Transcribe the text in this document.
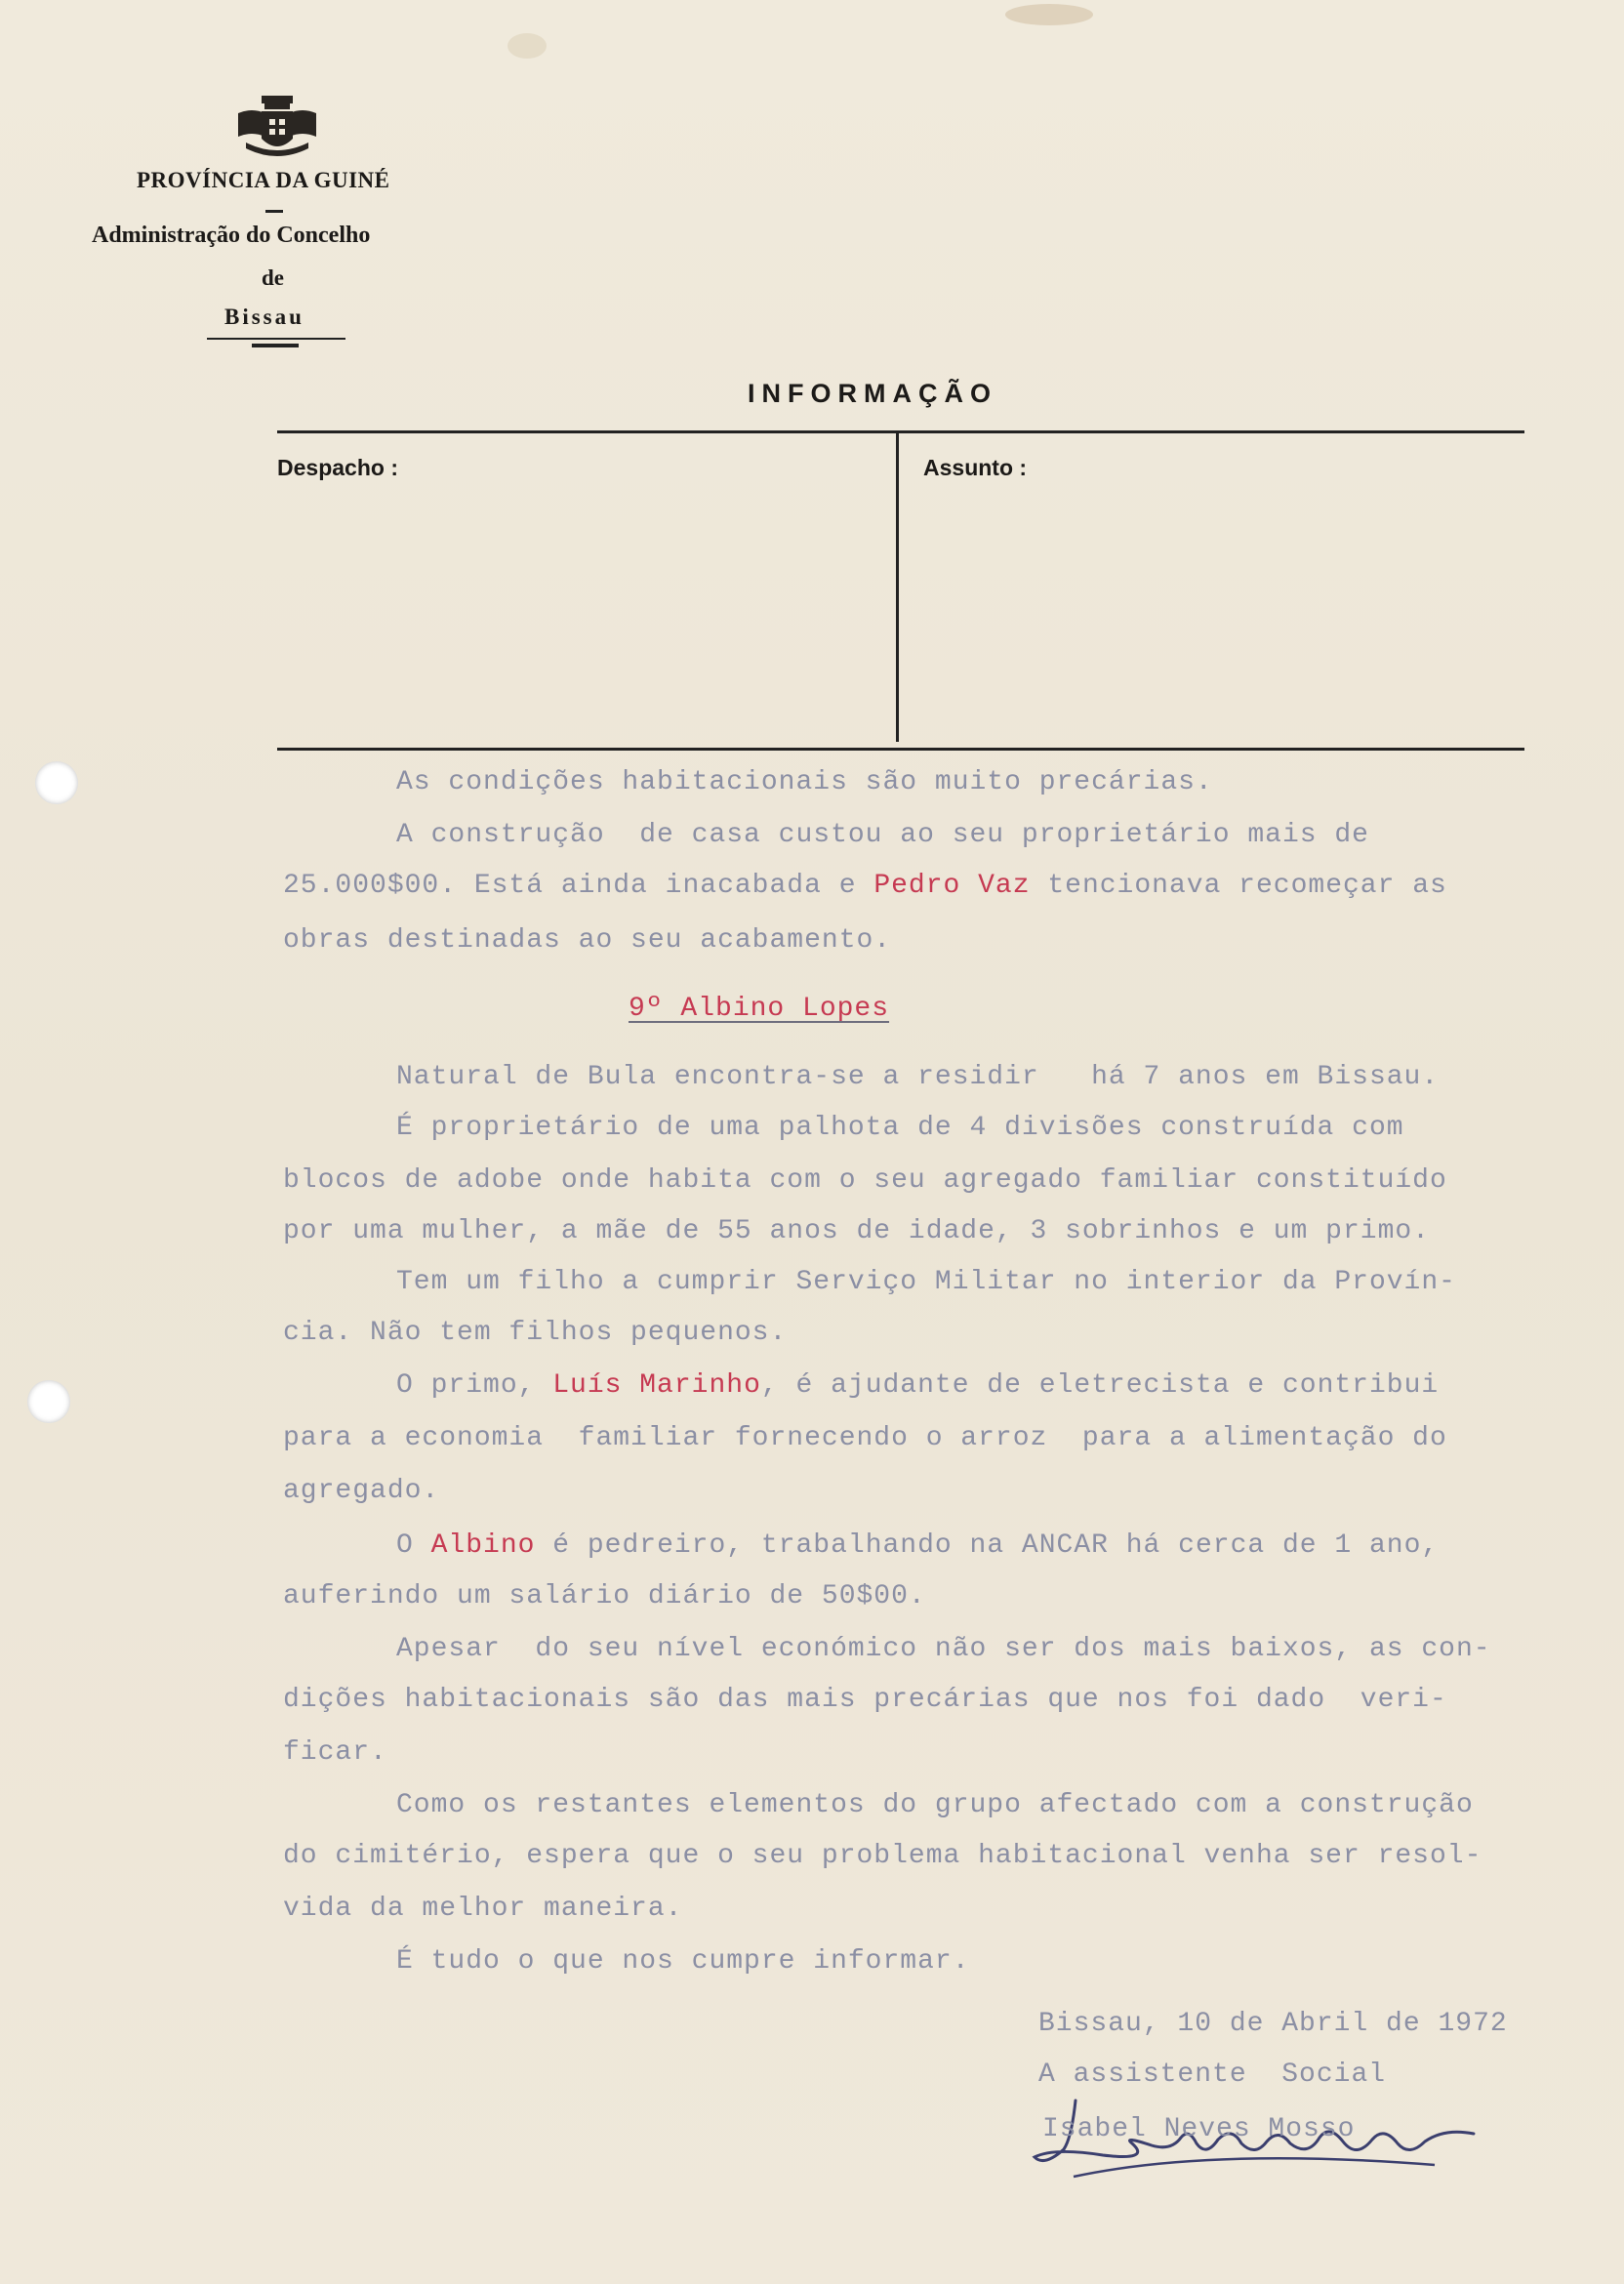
PROVÍNCIA DA GUINÉ
Administração do Concelho
de
Bissau
INFORMAÇÃO
Despacho :	Assunto :
As condições habitacionais são muito precárias.
A construção  de casa custou ao seu proprietário mais de
25.000$00. Está ainda inacabada e Pedro Vaz tencionava recomeçar as
obras destinadas ao seu acabamento.
9º Albino Lopes
Natural de Bula encontra-se a residir   há 7 anos em Bissau.
É proprietário de uma palhota de 4 divisões construída com
blocos de adobe onde habita com o seu agregado familiar constituído
por uma mulher, a mãe de 55 anos de idade, 3 sobrinhos e um primo.
Tem um filho a cumprir Serviço Militar no interior da Provín-
cia. Não tem filhos pequenos.
O primo, Luís Marinho, é ajudante de eletrecista e contribui
para a economia  familiar fornecendo o arroz  para a alimentação do
agregado.
O Albino é pedreiro, trabalhando na ANCAR há cerca de 1 ano,
auferindo um salário diário de 50$00.
Apesar  do seu nível económico não ser dos mais baixos, as con-
dições habitacionais são das mais precárias que nos foi dado  veri-
ficar.
Como os restantes elementos do grupo afectado com a construção
do cimitério, espera que o seu problema habitacional venha ser resol-
vida da melhor maneira.
É tudo o que nos cumpre informar.
Bissau, 10 de Abril de 1972
A assistente  Social
Isabel Neves Mosso
